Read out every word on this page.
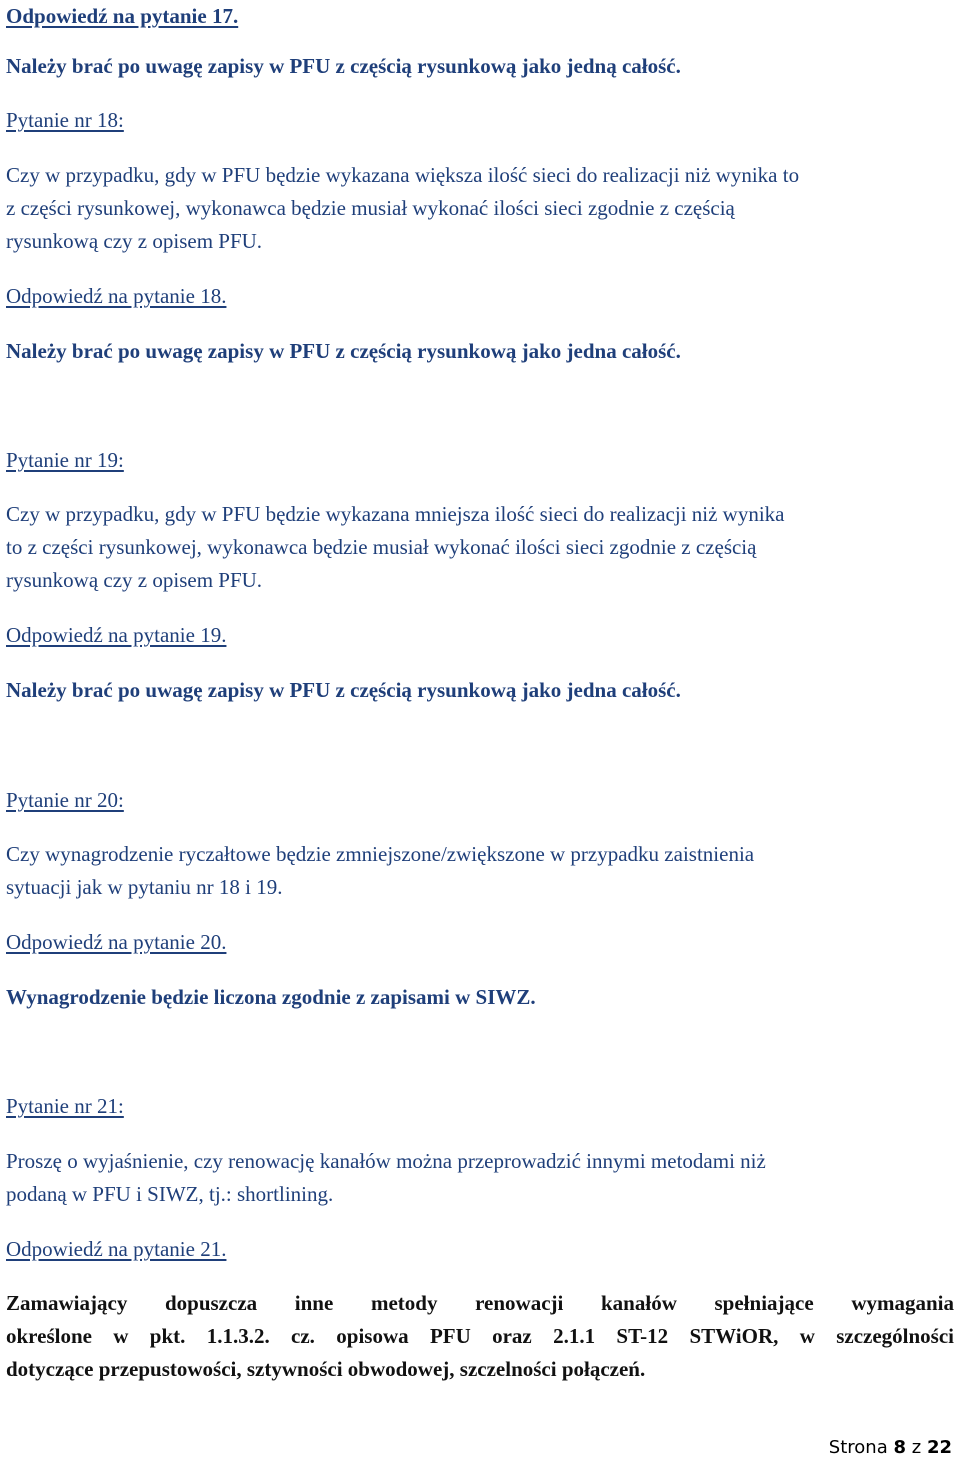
Odpowiedź na pytanie 17.
Należy brać po uwagę zapisy w PFU z częścią rysunkową jako jedną całość.
Pytanie nr 18:
Czy w przypadku, gdy w PFU będzie wykazana większa ilość sieci do realizacji niż wynika to
z części rysunkowej, wykonawca będzie musiał wykonać ilości sieci zgodnie z częścią
rysunkową czy z opisem PFU.
Odpowiedź na pytanie 18.
Należy brać po uwagę zapisy w PFU z częścią rysunkową jako jedna całość.
Pytanie nr 19:
Czy w przypadku, gdy w PFU będzie wykazana mniejsza ilość sieci do realizacji niż wynika
to z części rysunkowej, wykonawca będzie musiał wykonać ilości sieci zgodnie z częścią
rysunkową czy z opisem PFU.
Odpowiedź na pytanie 19.
Należy brać po uwagę zapisy w PFU z częścią rysunkową jako jedna całość.
Pytanie nr 20:
Czy wynagrodzenie ryczałtowe będzie zmniejszone/zwiększone w przypadku zaistnienia
sytuacji jak w pytaniu nr 18 i 19.
Odpowiedź na pytanie 20.
Wynagrodzenie będzie liczona zgodnie z zapisami w SIWZ.
Pytanie nr 21:
Proszę o wyjaśnienie, czy renowację kanałów można przeprowadzić innymi metodami niż
podaną w PFU i SIWZ, tj.: shortlining.
Odpowiedź na pytanie 21.
Zamawiający dopuszcza inne metody renowacji kanałów spełniające wymagania
określone w pkt. 1.1.3.2. cz. opisowa PFU oraz 2.1.1 ST-12 STWiOR, w szczególności
dotyczące przepustowości, sztywności obwodowej, szczelności połączeń.
Strona 8 z 22
